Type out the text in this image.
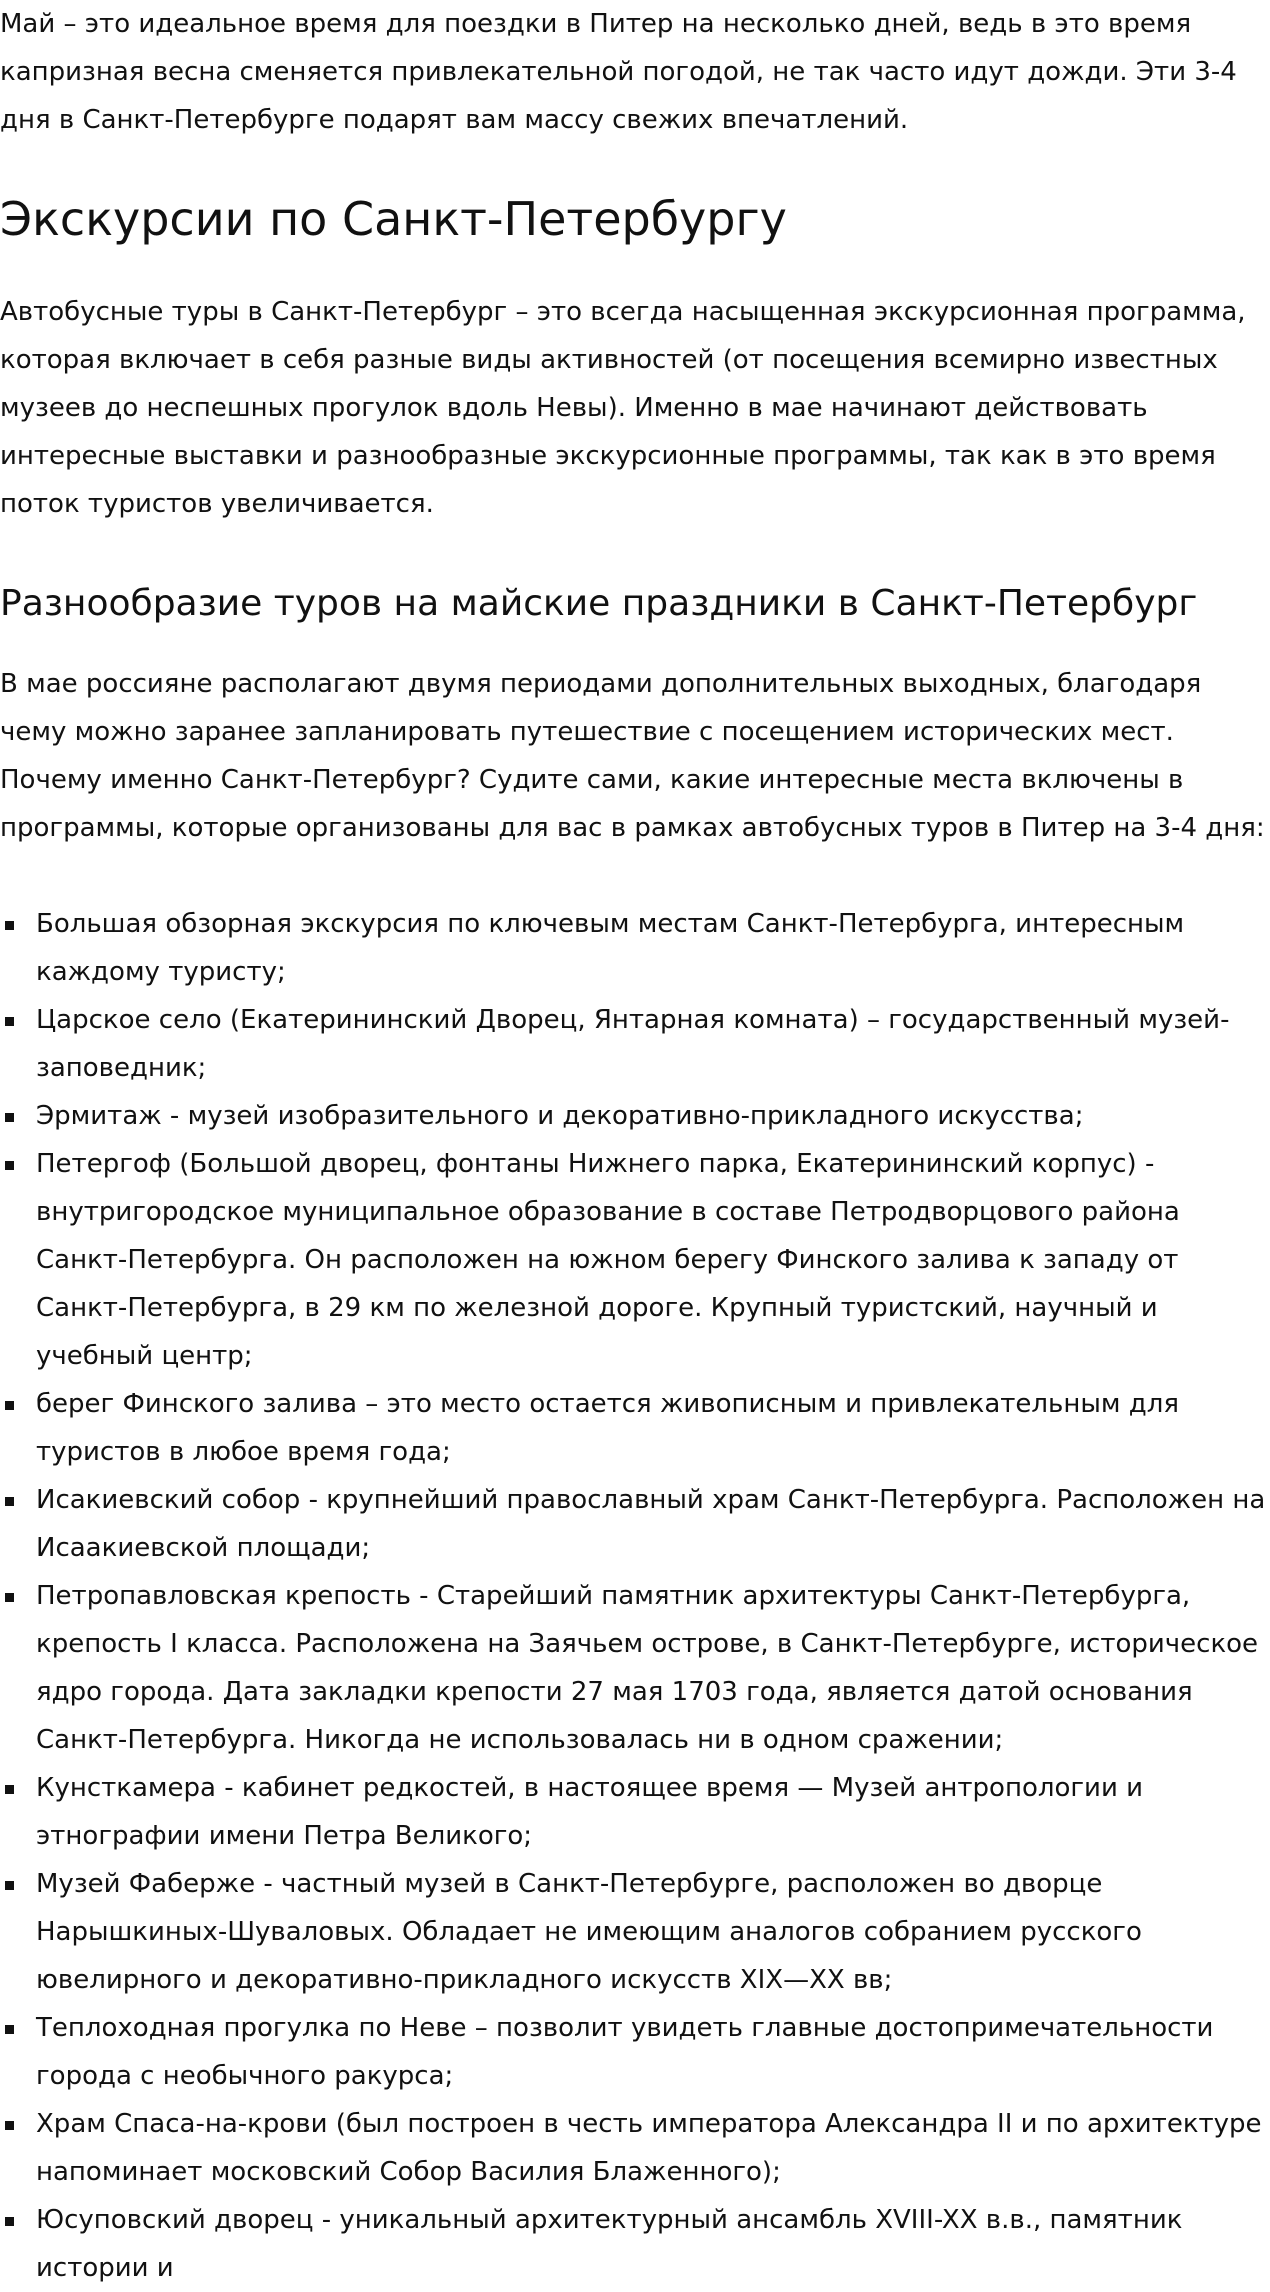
Май – это идеальное время для поездки в Питер на несколько дней, ведь в это время капризная весна сменяется привлекательной погодой, не так часто идут дожди. Эти 3-4 дня в Санкт-Петербурге подарят вам массу свежих впечатлений.

Экскурсии по Санкт-Петербургу

Автобусные туры в Санкт-Петербург – это всегда насыщенная экскурсионная программа, которая включает в себя разные виды активностей (от посещения всемирно известных музеев до неспешных прогулок вдоль Невы). Именно в мае начинают действовать интересные выставки и разнообразные экскурсионные программы, так как в это время поток туристов увеличивается.

Разнообразие туров на майские праздники в Санкт-Петербург

В мае россияне располагают двумя периодами дополнительных выходных, благодаря чему можно заранее запланировать путешествие с посещением исторических мест. Почему именно Санкт-Петербург? Судите сами, какие интересные места включены в программы, которые организованы для вас в рамках автобусных туров в Питер на 3-4 дня:

Большая обзорная экскурсия по ключевым местам Санкт-Петербурга, интересным каждому туристу;
Царское село (Екатерининский Дворец, Янтарная комната) – государственный музей-заповедник;
Эрмитаж - музей изобразительного и декоративно-прикладного искусства;
Петергоф (Большой дворец, фонтаны Нижнего парка, Екатерининский корпус) - внутригородское муниципальное образование в составе Петродворцового района Санкт-Петербурга. Он расположен на южном берегу Финского залива к западу от Санкт-Петербурга, в 29 км по железной дороге. Крупный туристский, научный и учебный центр;
берег Финского залива – это место остается живописным и привлекательным для туристов в любое время года;
Исакиевский собор - крупнейший православный храм Санкт-Петербурга. Расположен на Исаакиевской площади;
Петропавловская крепость - Старейший памятник архитектуры Санкт-Петербурга, крепость I класса. Расположена на Заячьем острове, в Санкт-Петербурге, историческое ядро города. Дата закладки крепости 27 мая 1703 года, является датой основания Санкт-Петербурга. Никогда не использовалась ни в одном сражении;
Кунсткамера - кабинет редкостей, в настоящее время — Музей антропологии и этнографии имени Петра Великого;
Музей Фаберже - частный музей в Санкт-Петербурге, расположен во дворце Нарышкиных-Шуваловых. Обладает не имеющим аналогов собранием русского ювелирного и декоративно-прикладного искусств XIX—XX вв;
Теплоходная прогулка по Неве – позволит увидеть главные достопримечательности города с необычного ракурса;
Храм Спаса-на-крови (был построен в честь императора Александра II и по архитектуре напоминает московский Собор Василия Блаженного);
Юсуповский дворец - уникальный архитектурный ансамбль XVIII-XX в.в., памятник истории и
